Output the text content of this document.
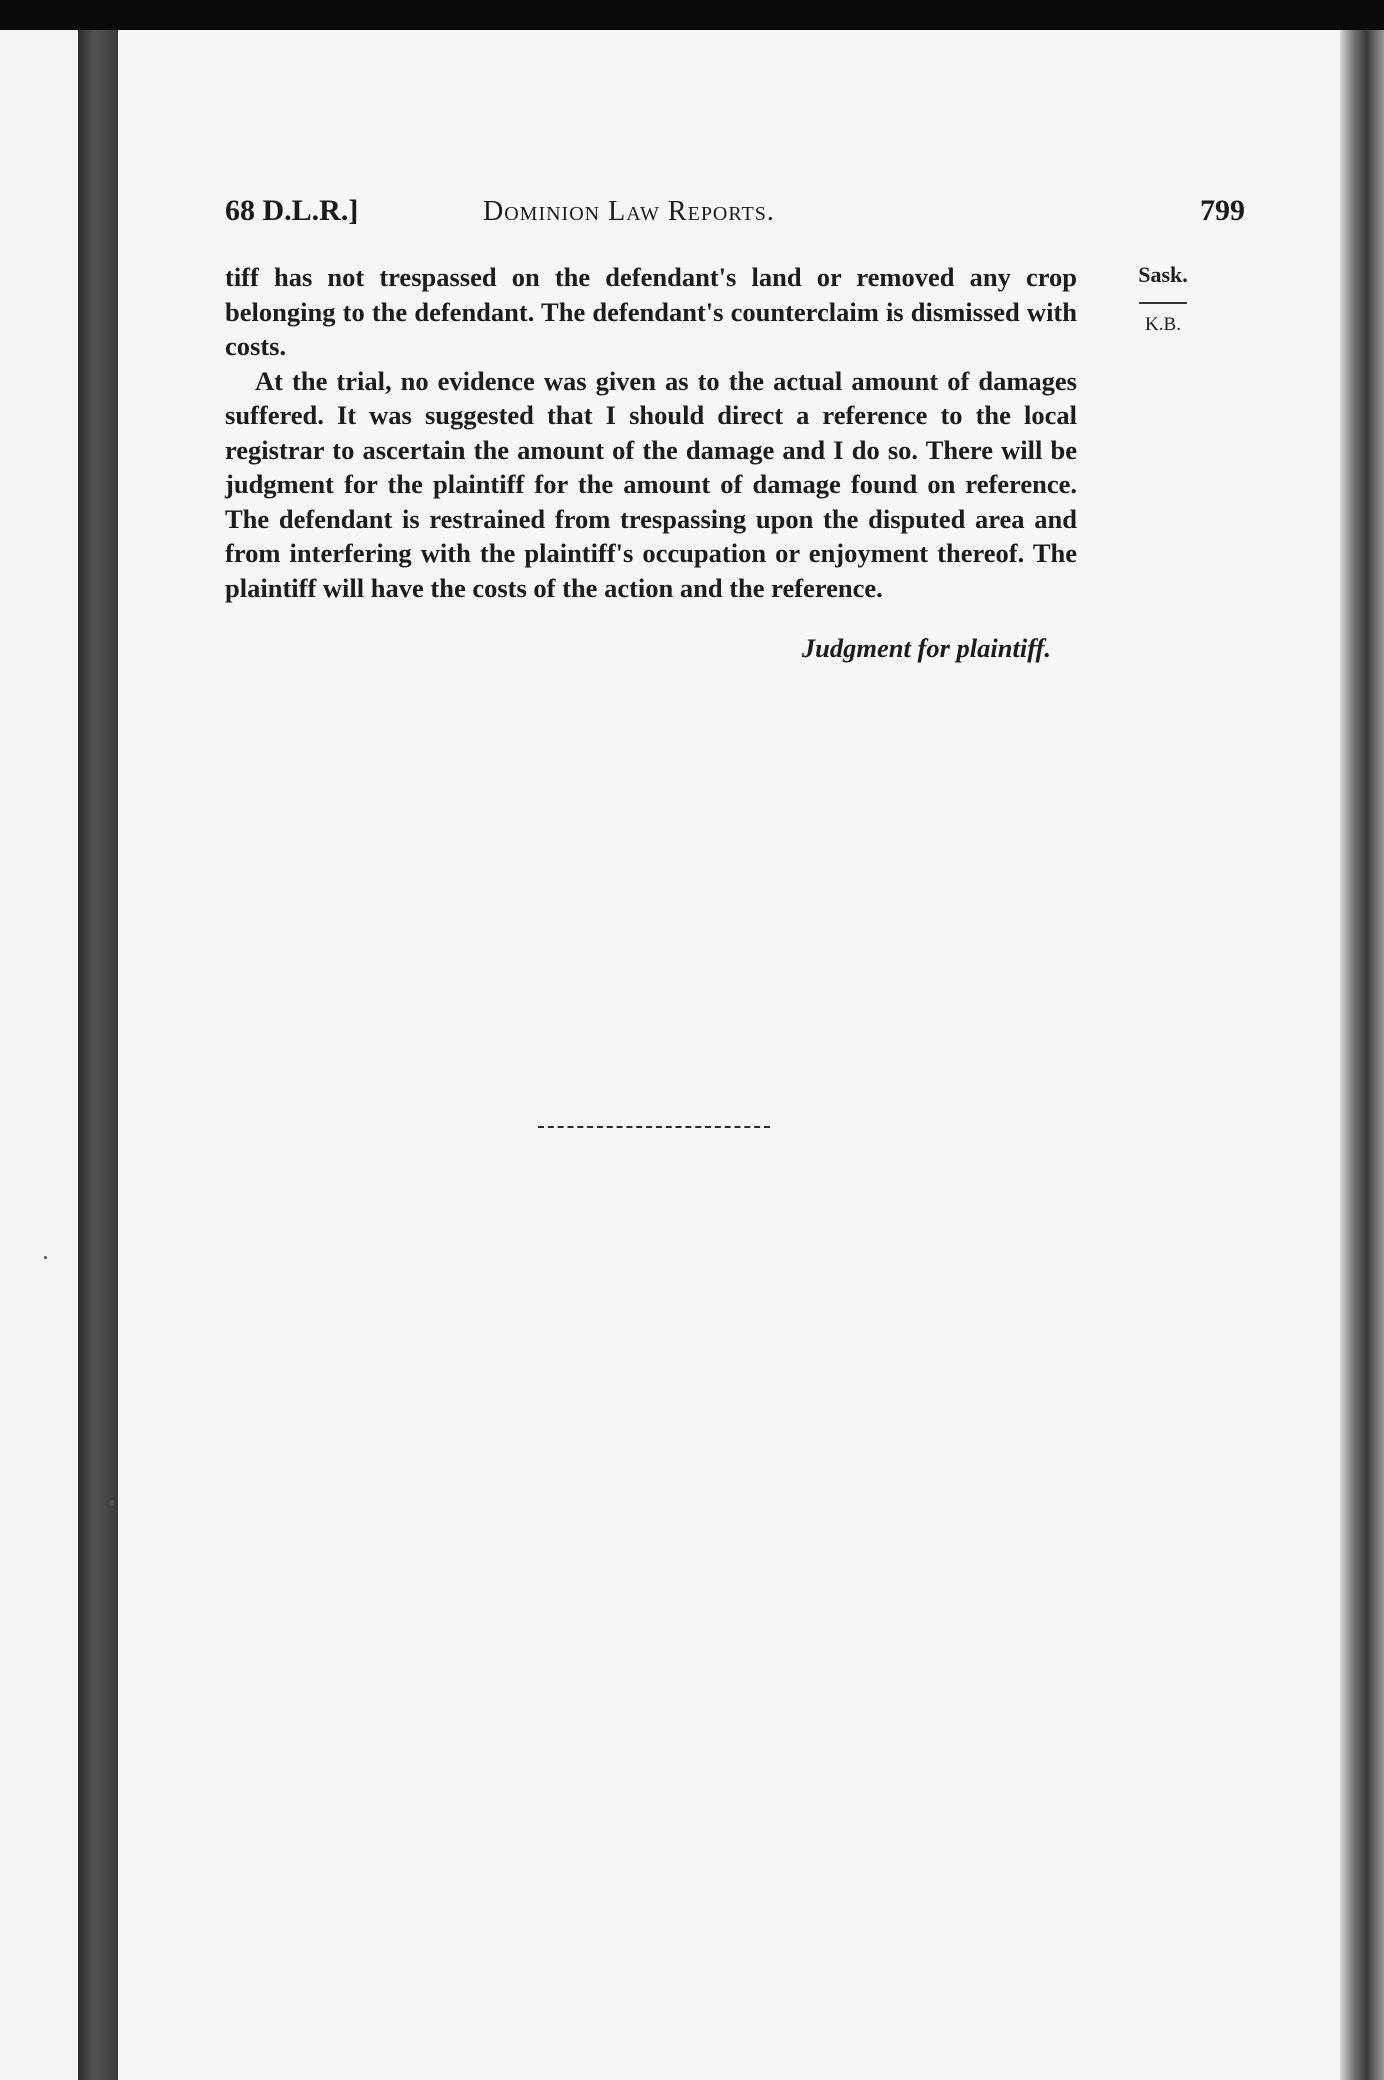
68 D.L.R.]	Dominion Law Reports.	799
Sask.
K.B.

tiff has not trespassed on the defendant's land or removed any crop belonging to the defendant. The defendant's counterclaim is dismissed with costs.

At the trial, no evidence was given as to the actual amount of damages suffered. It was suggested that I should direct a reference to the local registrar to ascertain the amount of the damage and I do so. There will be judgment for the plaintiff for the amount of damage found on reference. The defendant is restrained from trespassing upon the disputed area and from interfering with the plaintiff's occupation or enjoyment thereof. The plaintiff will have the costs of the action and the reference.

Judgment for plaintiff.
